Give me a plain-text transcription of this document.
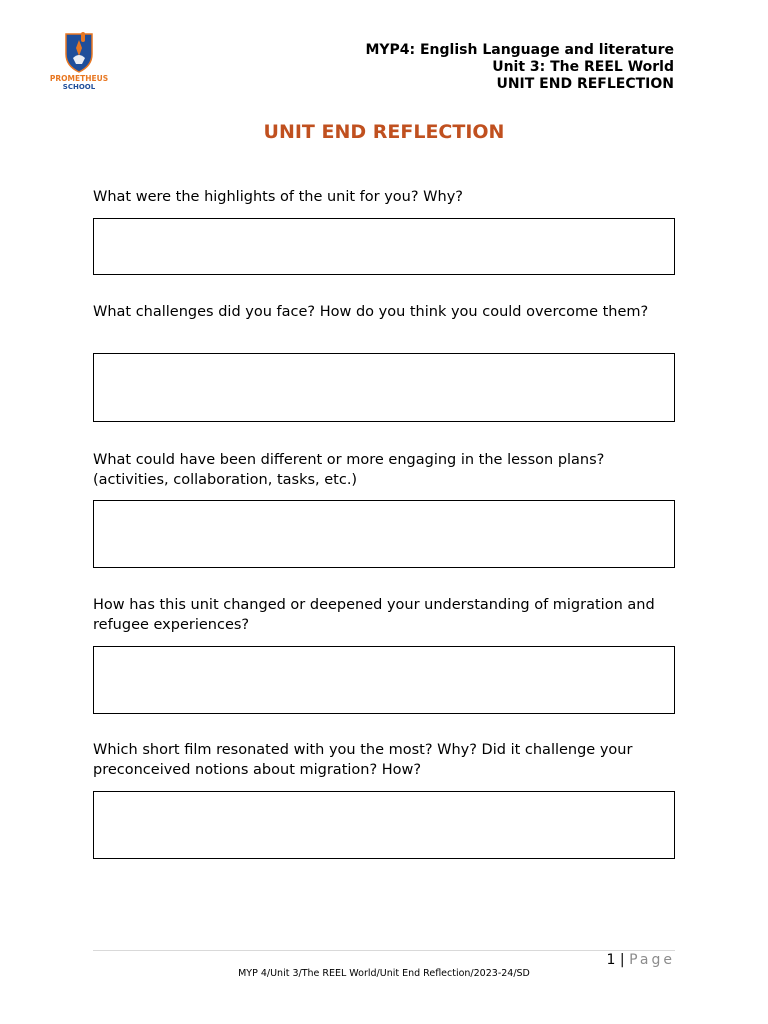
PROMETHEUS
SCHOOL
MYP4: English Language and literature
Unit 3: The REEL World
UNIT END REFLECTION
UNIT END REFLECTION
What were the highlights of the unit for you? Why?
What challenges did you face? How do you think you could overcome them?
What could have been different or more engaging in the lesson plans? (activities, collaboration, tasks, etc.)
How has this unit changed or deepened your understanding of migration and refugee experiences?
Which short film resonated with you the most? Why? Did it challenge your preconceived notions about migration? How?
1 | Page
MYP 4/Unit 3/The REEL World/Unit End Reflection/2023-24/SD
